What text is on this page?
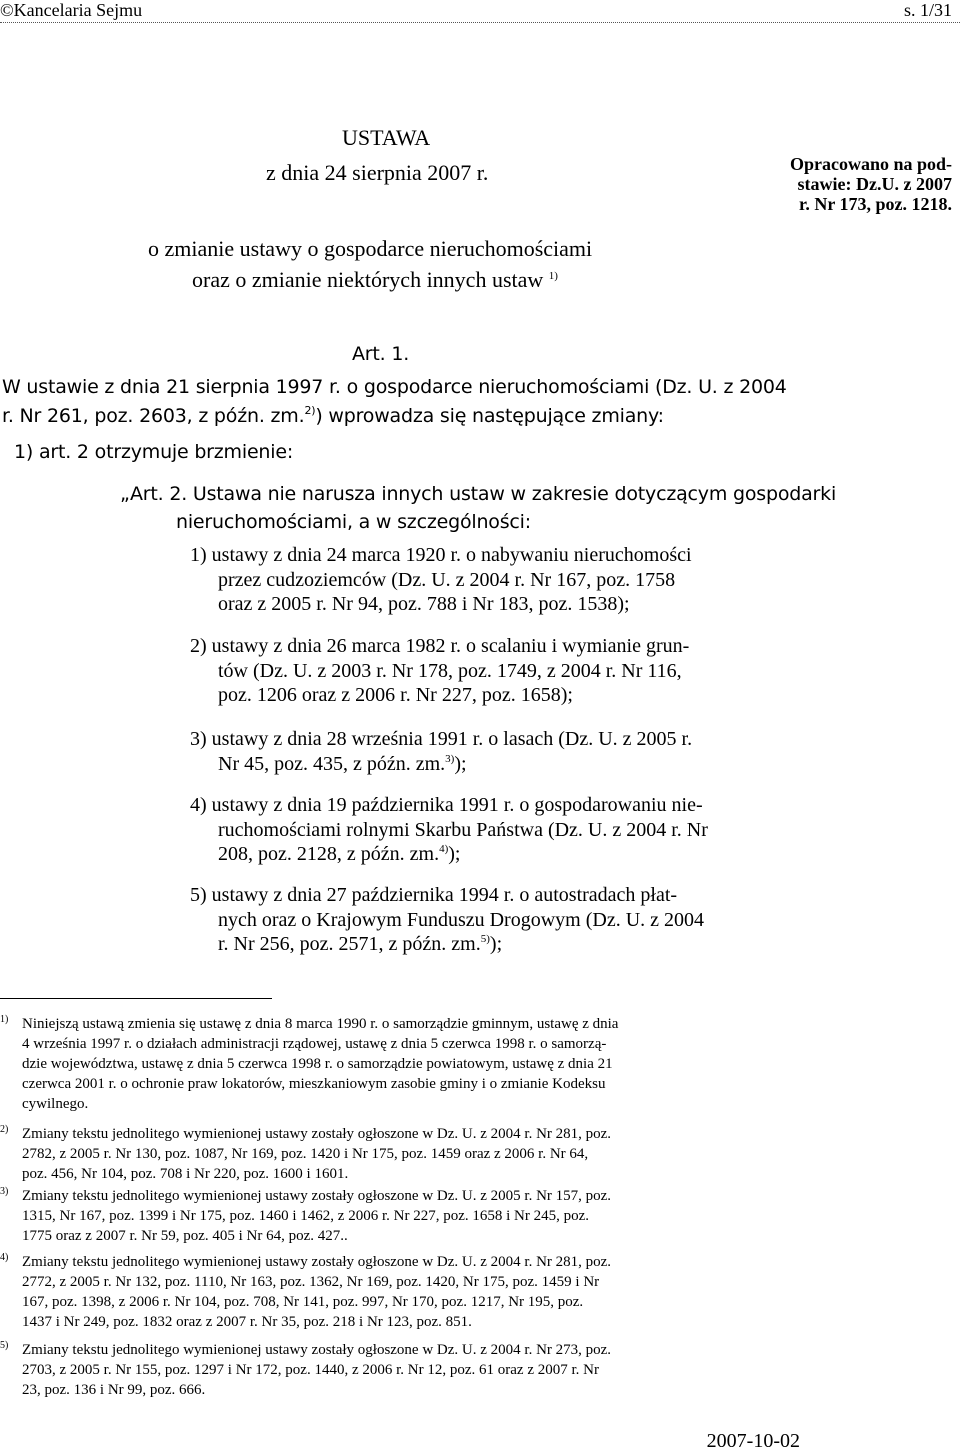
©Kancelaria Sejmu	s. 1/31
USTAWA
z dnia 24 sierpnia 2007 r.
o zmianie ustawy o gospodarce nieruchomościami
oraz o zmianie niektórych innych ustaw $^{1)}$
Opracowano na pod-
stawie: Dz.U. z 2007
r. Nr 173, poz. 1218.
Art. 1.
W ustawie z dnia 21 sierpnia 1997 r. o gospodarce nieruchomościami (Dz. U. z 2004
r. Nr 261, poz. 2603, z późn. zm.$^{2)}$) wprowadza się następujące zmiany:
1) art. 2 otrzymuje brzmienie:
„Art. 2. Ustawa nie narusza innych ustaw w zakresie dotyczącym gospodarki
nieruchomościami, a w szczególności:
1) ustawy z dnia 24 marca 1920 r. o nabywaniu nieruchomości
przez cudzoziemców (Dz. U. z 2004 r. Nr 167, poz. 1758
oraz z 2005 r. Nr 94, poz. 788 i Nr 183, poz. 1538);
2) ustawy z dnia 26 marca 1982 r. o scalaniu i wymianie grun-
tów (Dz. U. z 2003 r. Nr 178, poz. 1749, z 2004 r. Nr 116,
poz. 1206 oraz z 2006 r. Nr 227, poz. 1658);
3) ustawy z dnia 28 września 1991 r. o lasach (Dz. U. z 2005 r.
Nr 45, poz. 435, z późn. zm.$^{3)}$);
4) ustawy z dnia 19 października 1991 r. o gospodarowaniu nie-
ruchomościami rolnymi Skarbu Państwa (Dz. U. z 2004 r. Nr
208, poz. 2128, z późn. zm.$^{4)}$);
5) ustawy z dnia 27 października 1994 r. o autostradach płat-
nych oraz o Krajowym Funduszu Drogowym (Dz. U. z 2004
r. Nr 256, poz. 2571, z późn. zm.$^{5)}$);
1) Niniejszą ustawą zmienia się ustawę z dnia 8 marca 1990 r. o samorządzie gminnym, ustawę z dnia
4 września 1997 r. o działach administracji rządowej, ustawę z dnia 5 czerwca 1998 r. o samorzą-
dzie województwa, ustawę z dnia 5 czerwca 1998 r. o samorządzie powiatowym, ustawę z dnia 21
czerwca 2001 r. o ochronie praw lokatorów, mieszkaniowym zasobie gminy i o zmianie Kodeksu
cywilnego.
2) Zmiany tekstu jednolitego wymienionej ustawy zostały ogłoszone w Dz. U. z 2004 r. Nr 281, poz.
2782, z 2005 r. Nr 130, poz. 1087, Nr 169, poz. 1420 i Nr 175, poz. 1459 oraz z 2006 r. Nr 64,
poz. 456, Nr 104, poz. 708 i Nr 220, poz. 1600 i 1601.
3) Zmiany tekstu jednolitego wymienionej ustawy zostały ogłoszone w Dz. U. z 2005 r. Nr 157, poz.
1315, Nr 167, poz. 1399 i Nr 175, poz. 1460 i 1462, z 2006 r. Nr 227, poz. 1658 i Nr 245, poz.
1775 oraz z 2007 r. Nr 59, poz. 405 i Nr 64, poz. 427..
4) Zmiany tekstu jednolitego wymienionej ustawy zostały ogłoszone w Dz. U. z 2004 r. Nr 281, poz.
2772, z 2005 r. Nr 132, poz. 1110, Nr 163, poz. 1362, Nr 169, poz. 1420, Nr 175, poz. 1459 i Nr
167, poz. 1398, z 2006 r. Nr 104, poz. 708, Nr 141, poz. 997, Nr 170, poz. 1217, Nr 195, poz.
1437 i Nr 249, poz. 1832 oraz z 2007 r. Nr 35, poz. 218 i Nr 123, poz. 851.
5) Zmiany tekstu jednolitego wymienionej ustawy zostały ogłoszone w Dz. U. z 2004 r. Nr 273, poz.
2703, z 2005 r. Nr 155, poz. 1297 i Nr 172, poz. 1440, z 2006 r. Nr 12, poz. 61 oraz z 2007 r. Nr
23, poz. 136 i Nr 99, poz. 666.
2007-10-02
